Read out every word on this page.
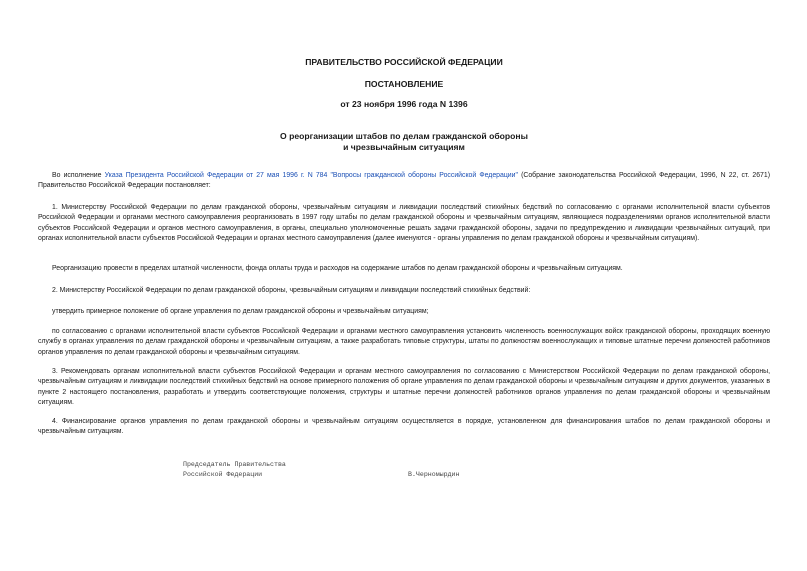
ПРАВИТЕЛЬСТВО РОССИЙСКОЙ ФЕДЕРАЦИИ
ПОСТАНОВЛЕНИЕ
от 23 ноября 1996 года N 1396
О реорганизации штабов по делам гражданской обороны
и чрезвычайным ситуациям
Во исполнение Указа Президента Российской Федерации от 27 мая 1996 г. N 784 "Вопросы гражданской обороны Российской Федерации" (Собрание законодательства Российской Федерации, 1996, N 22, ст. 2671) Правительство Российской Федерации постановляет:
1. Министерству Российской Федерации по делам гражданской обороны, чрезвычайным ситуациям и ликвидации последствий стихийных бедствий по согласованию с органами исполнительной власти субъектов Российской Федерации и органами местного самоуправления реорганизовать в 1997 году штабы по делам гражданской обороны и чрезвычайным ситуациям, являющиеся подразделениями органов исполнительной власти субъектов Российской Федерации и органов местного самоуправления, в органы, специально уполномоченные решать задачи гражданской обороны, задачи по предупреждению и ликвидации чрезвычайных ситуаций, при органах исполнительной власти субъектов Российской Федерации и органах местного самоуправления (далее именуются - органы управления по делам гражданской обороны и чрезвычайным ситуациям).
Реорганизацию провести в пределах штатной численности, фонда оплаты труда и расходов на содержание штабов по делам гражданской обороны и чрезвычайным ситуациям.
2. Министерству Российской Федерации по делам гражданской обороны, чрезвычайным ситуациям и ликвидации последствий стихийных бедствий:
утвердить примерное положение об органе управления по делам гражданской обороны и чрезвычайным ситуациям;
по согласованию с органами исполнительной власти субъектов Российской Федерации и органами местного самоуправления установить численность военнослужащих войск гражданской обороны, проходящих военную службу в органах управления по делам гражданской обороны и чрезвычайным ситуациям, а также разработать типовые структуры, штаты по должностям военнослужащих и типовые штатные перечни должностей работников органов управления по делам гражданской обороны и чрезвычайным ситуациям.
3. Рекомендовать органам исполнительной власти субъектов Российской Федерации и органам местного самоуправления по согласованию с Министерством Российской Федерации по делам гражданской обороны, чрезвычайным ситуациям и ликвидации последствий стихийных бедствий на основе примерного положения об органе управления по делам гражданской обороны и чрезвычайным ситуациям и других документов, указанных в пункте 2 настоящего постановления, разработать и утвердить соответствующие положения, структуры и штатные перечни должностей работников органов управления по делам гражданской обороны и чрезвычайным ситуациям.
4. Финансирование органов управления по делам гражданской обороны и чрезвычайным ситуациям осуществляется в порядке, установленном для финансирования штабов по делам гражданской обороны и чрезвычайным ситуациям.
Председатель Правительства
Российской Федерации	В.Черномырдин
